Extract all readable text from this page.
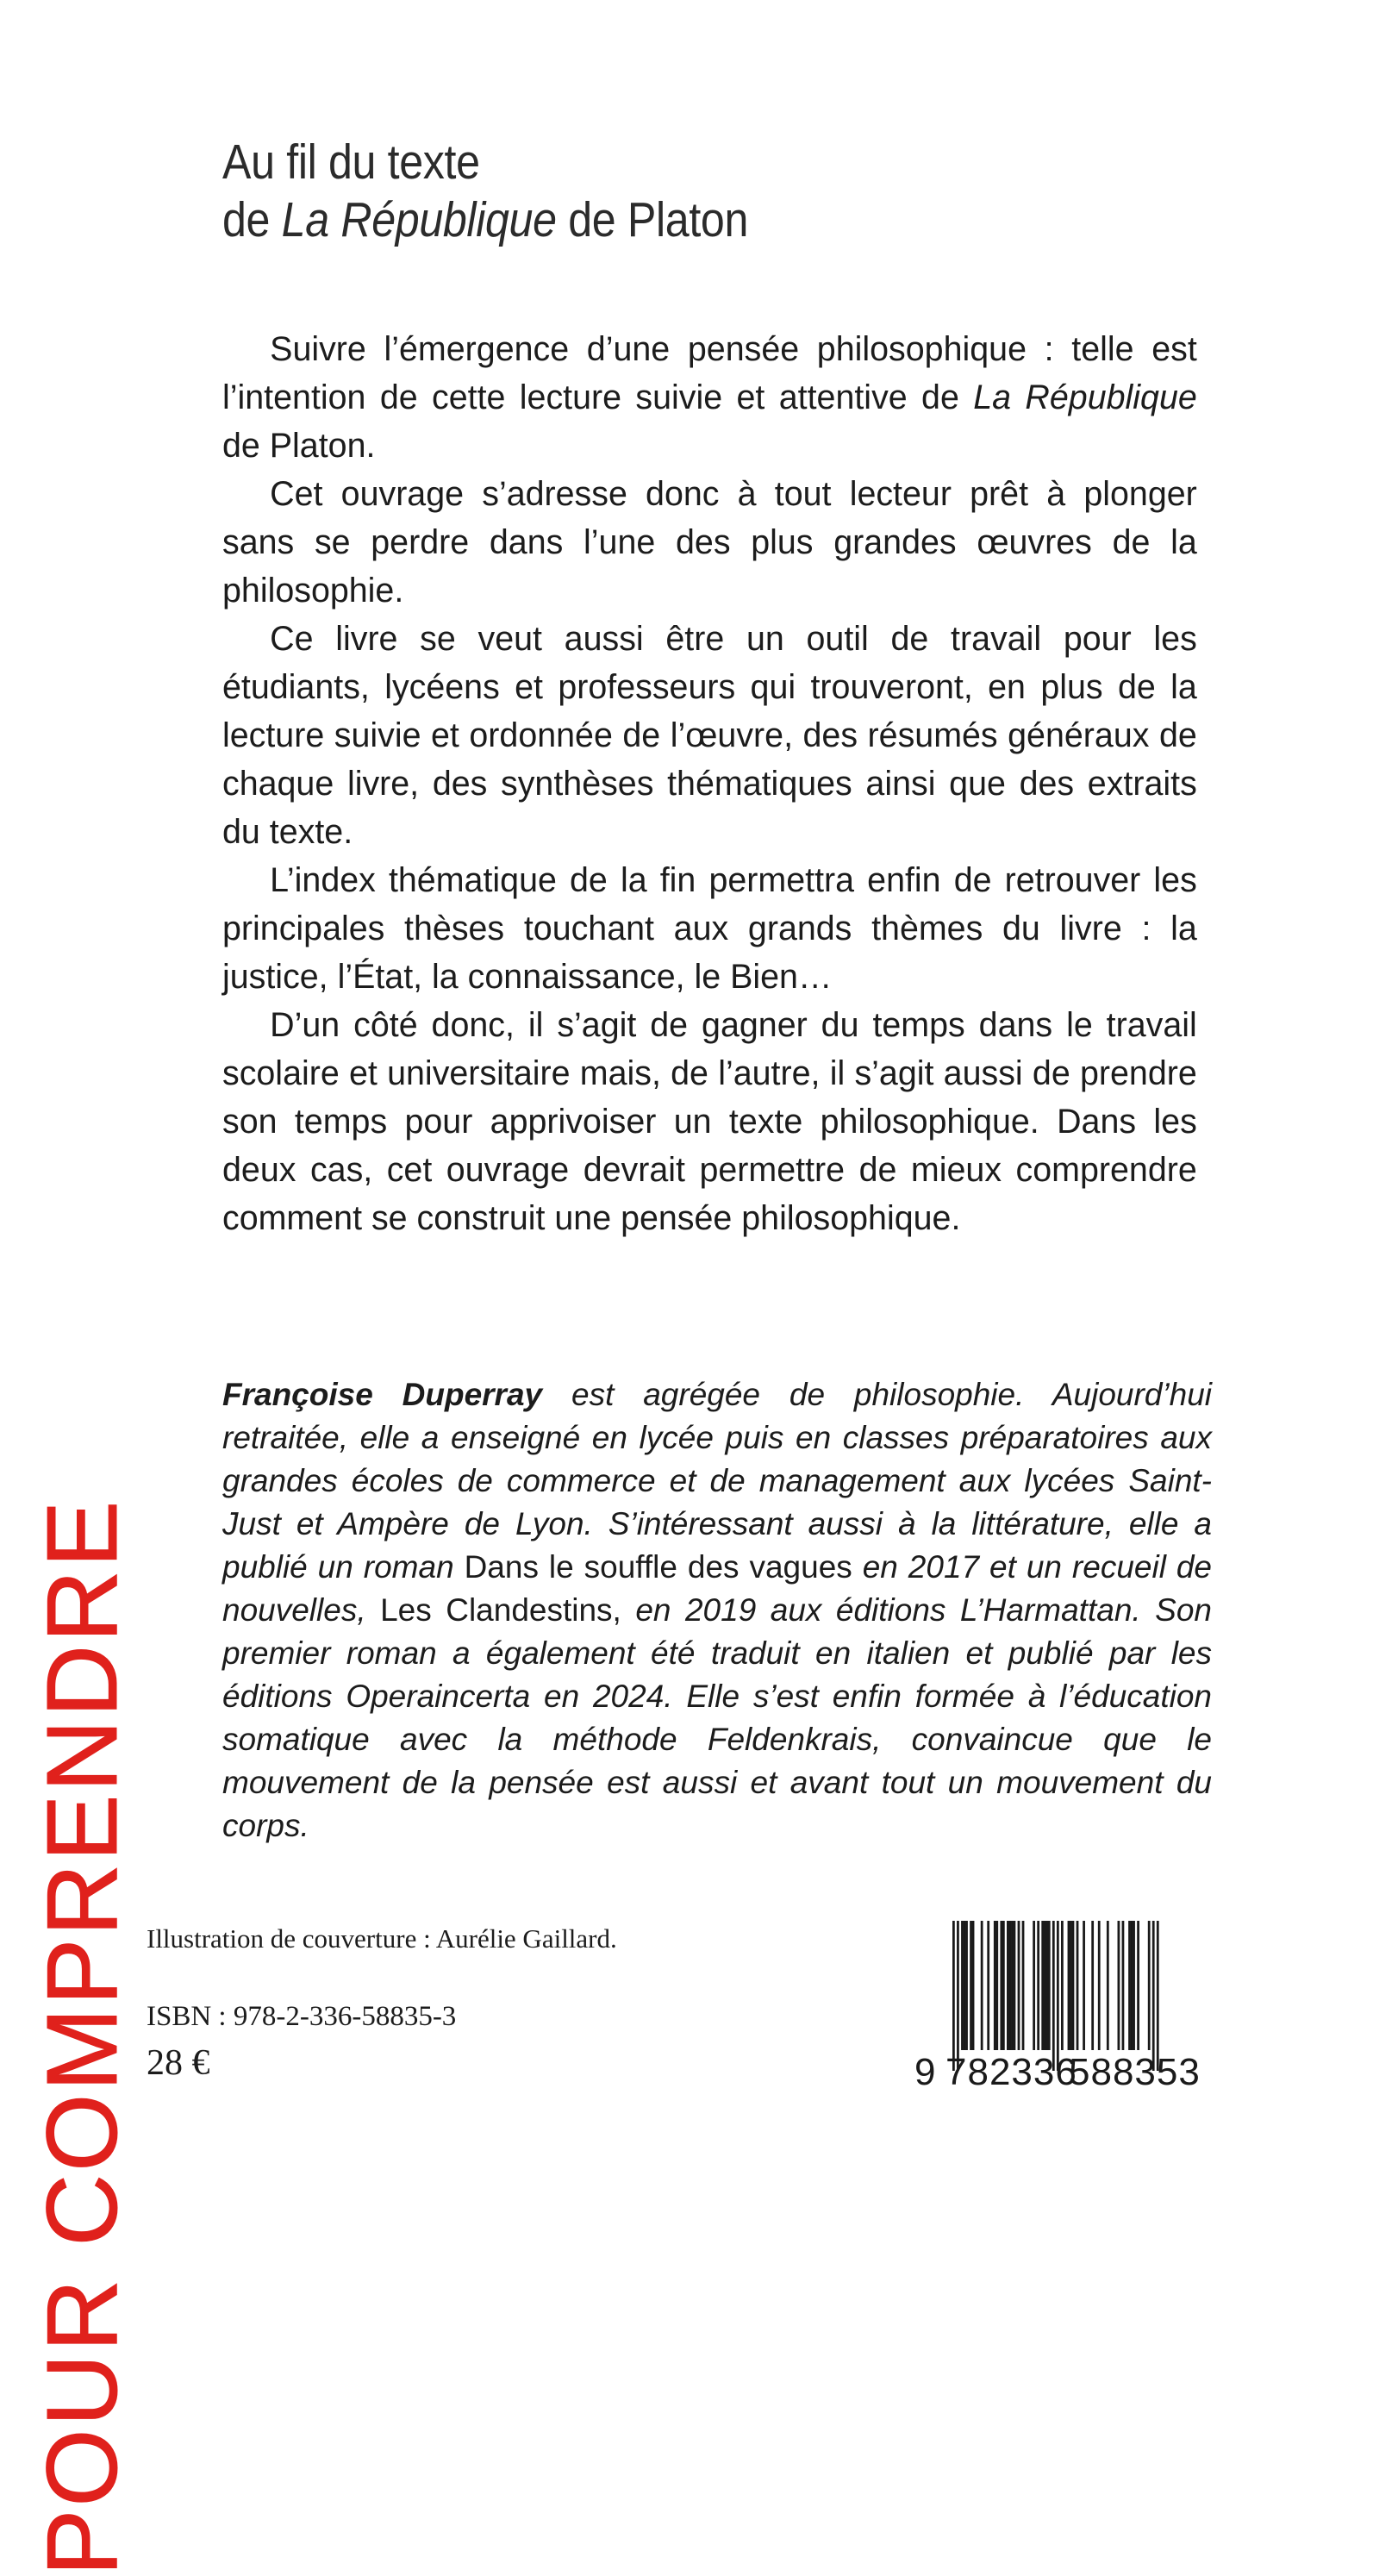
POUR COMPRENDRE
Au fil du texte
de La République de Platon

Suivre l’émergence d’une pensée philosophique : telle est l’intention de cette lecture suivie et attentive de La République de Platon.

Cet ouvrage s’adresse donc à tout lecteur prêt à plonger sans se perdre dans l’une des plus grandes œuvres de la philosophie.

Ce livre se veut aussi être un outil de travail pour les étudiants, lycéens et professeurs qui trouveront, en plus de la lecture suivie et ordonnée de l’œuvre, des résumés généraux de chaque livre, des synthèses thématiques ainsi que des extraits du texte.

L’index thématique de la fin permettra enfin de retrouver les principales thèses touchant aux grands thèmes du livre : la justice, l’État, la connaissance, le Bien…

D’un côté donc, il s’agit de gagner du temps dans le travail scolaire et universitaire mais, de l’autre, il s’agit aussi de prendre son temps pour apprivoiser un texte philosophique. Dans les deux cas, cet ouvrage devrait permettre de mieux comprendre comment se construit une pensée philosophique.

Françoise Duperray est agrégée de philosophie. Aujourd’hui retraitée, elle a enseigné en lycée puis en classes préparatoires aux grandes écoles de commerce et de management aux lycées Saint-Just et Ampère de Lyon. S’intéressant aussi à la littérature, elle a publié un roman Dans le souffle des vagues en 2017 et un recueil de nouvelles, Les Clandestins, en 2019 aux éditions L’Harmattan. Son premier roman a également été traduit en italien et publié par les éditions Operaincerta en 2024. Elle s’est enfin formée à l’éducation somatique avec la méthode Feldenkrais, convaincue que le mouvement de la pensée est aussi et avant tout un mouvement du corps.

Illustration de couverture : Aurélie Gaillard.
ISBN : 978-2-336-58835-3
28 €	9 782336
588353
